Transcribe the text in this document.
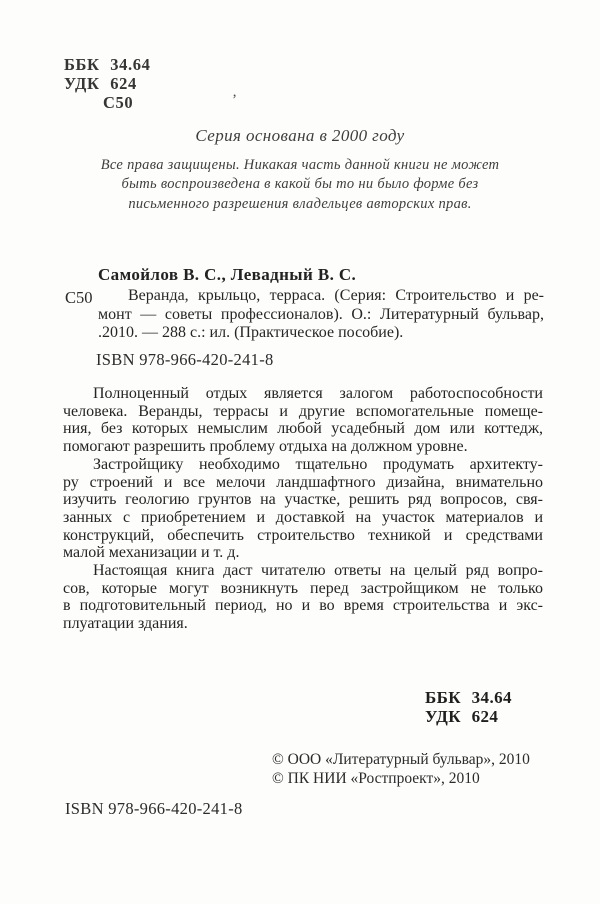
ББК 34.64
УДК 624
С50	’
Серия основана в 2000 году
Все права защищены. Никакая часть данной книги не может
быть воспроизведена в какой бы то ни было форме без
письменного разрешения владельцев авторских прав.
Самойлов В. С., Левадный В. С.
С50	Веранда, крыльцо, терраса. (Серия: Строительство и ре-
монт — советы профессионалов). О.: Литературный бульвар,
.2010. — 288 с.: ил. (Практическое пособие).
ISBN 978-966-420-241-8
Полноценный отдых является залогом работоспособности
человека. Веранды, террасы и другие вспомогательные помеще-
ния, без которых немыслим любой усадебный дом или коттедж,
помогают разрешить проблему отдыха на должном уровне.
Застройщику необходимо тщательно продумать архитекту-
ру строений и все мелочи ландшафтного дизайна, внимательно
изучить геологию грунтов на участке, решить ряд вопросов, свя-
занных с приобретением и доставкой на участок материалов и
конструкций, обеспечить строительство техникой и средствами
малой механизации и т. д.
Настоящая книга даст читателю ответы на целый ряд вопро-
сов, которые могут возникнуть перед застройщиком не только
в подготовительный период, но и во время строительства и экс-
плуатации здания.
ББК 34.64
УДК 624
© ООО «Литературный бульвар», 2010
© ПК НИИ «Ростпроект», 2010
ISBN 978-966-420-241-8
